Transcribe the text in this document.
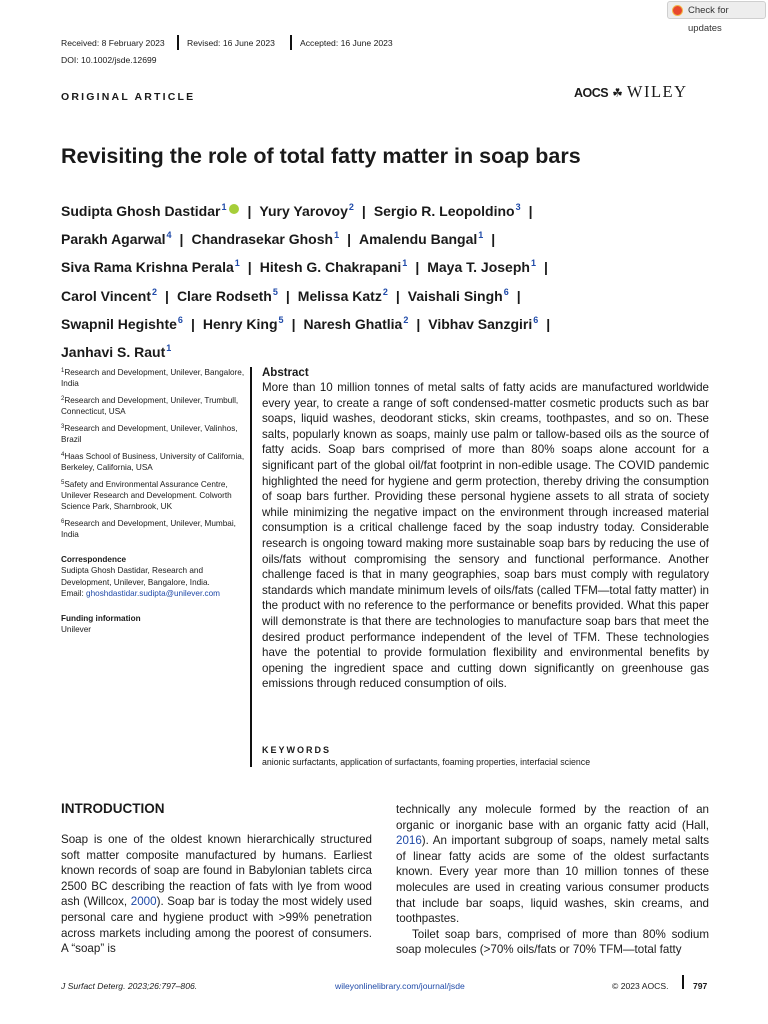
Check for updates
Received: 8 February 2023	Revised: 16 June 2023	Accepted: 16 June 2023
DOI: 10.1002/jsde.12699
ORIGINAL ARTICLE	AOCS ☘ WILEY
Revisiting the role of total fatty matter in soap bars
Sudipta Ghosh Dastidar$^1$ | Yury Yarovoy$^2$ | Sergio R. Leopoldino$^3$ |
Parakh Agarwal$^4$ | Chandrasekar Ghosh$^1$ | Amalendu Bangal$^1$ |
Siva Rama Krishna Perala$^1$ | Hitesh G. Chakrapani$^1$ | Maya T. Joseph$^1$ |
Carol Vincent$^2$ | Clare Rodseth$^5$ | Melissa Katz$^2$ | Vaishali Singh$^6$ |
Swapnil Hegishte$^6$ | Henry King$^5$ | Naresh Ghatlia$^2$ | Vibhav Sanzgiri$^6$ |
Janhavi S. Raut$^1$
$^1$Research and Development, Unilever, Bangalore, India
$^2$Research and Development, Unilever, Trumbull, Connecticut, USA
$^3$Research and Development, Unilever, Valinhos, Brazil
$^4$Haas School of Business, University of California, Berkeley, California, USA
$^5$Safety and Environmental Assurance Centre, Unilever Research and Development. Colworth Science Park, Sharnbrook, UK
$^6$Research and Development, Unilever, Mumbai, India
Correspondence
Sudipta Ghosh Dastidar, Research and Development, Unilever, Bangalore, India.
Email: ghoshdastidar.sudipta@unilever.com
Funding information
Unilever
Abstract

More than 10 million tonnes of metal salts of fatty acids are manufactured worldwide every year, to create a range of soft condensed-matter cosmetic products such as bar soaps, liquid washes, deodorant sticks, skin creams, toothpastes, and so on. These salts, popularly known as soaps, mainly use palm or tallow-based oils as the source of fatty acids. Soap bars comprised of more than 80% soaps alone account for a significant part of the global oil/fat footprint in non-edible usage. The COVID pandemic highlighted the need for hygiene and germ protection, thereby driving the consumption of soap bars further. Providing these personal hygiene assets to all strata of society while minimizing the negative impact on the environment through increased material consumption is a critical challenge faced by the soap industry today. Considerable research is ongoing toward making more sustainable soap bars by reducing the use of oils/fats without compromising the sensory and functional performance. Another challenge faced is that in many geographies, soap bars must comply with regulatory standards which mandate minimum levels of oils/fats (called TFM—total fatty matter) in the product with no reference to the performance or benefits provided. What this paper will demonstrate is that there are technologies to manufacture soap bars that meet the desired product performance independent of the level of TFM. These technologies have the potential to provide formulation flexibility and environmental benefits by opening the ingredient space and cutting down significantly on greenhouse gas emissions through reduced consumption of oils.

KEYWORDS
anionic surfactants, application of surfactants, foaming properties, interfacial science
INTRODUCTION

Soap is one of the oldest known hierarchically structured soft matter composite manufactured by humans. Earliest known records of soap are found in Babylonian tablets circa 2500 BC describing the reaction of fats with lye from wood ash (Willcox, 2000). Soap bar is today the most widely used personal care and hygiene product with >99% penetration across markets including among the poorest of consumers. A “soap” is

technically any molecule formed by the reaction of an organic or inorganic base with an organic fatty acid (Hall, 2016). An important subgroup of soaps, namely metal salts of linear fatty acids are some of the oldest surfactants known. Every year more than 10 million tonnes of these molecules are used in creating various consumer products that include bar soaps, liquid washes, skin creams, and toothpastes.

Toilet soap bars, comprised of more than 80% sodium soap molecules (>70% oils/fats or 70% TFM—total fatty

J Surfact Deterg. 2023;26:797–806.	wileyonlinelibrary.com/journal/jsde	© 2023 AOCS.	797
